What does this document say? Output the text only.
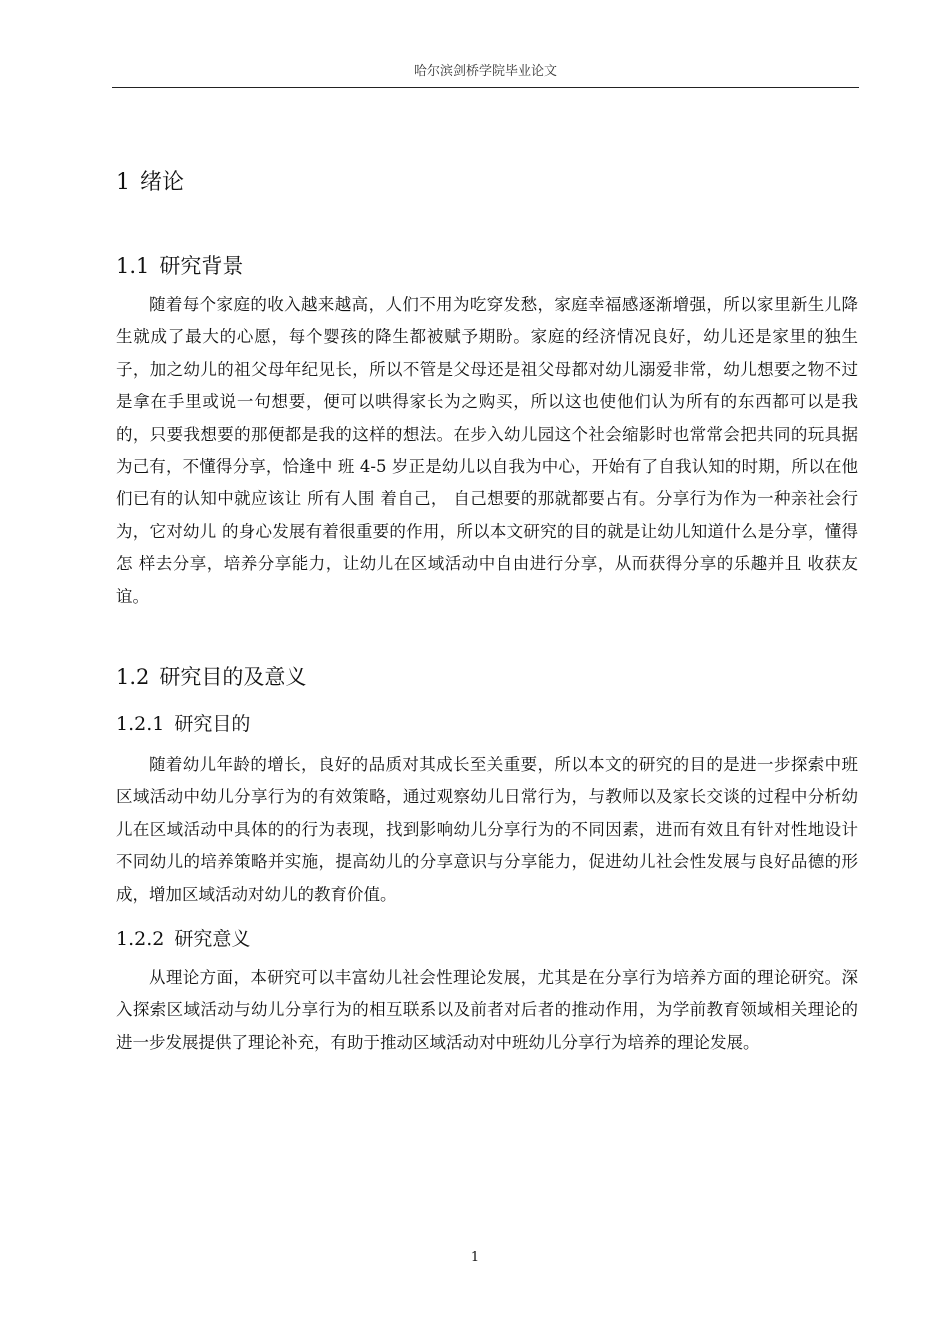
哈尔滨剑桥学院毕业论文
1 绪论
1.1 研究背景

随着每个家庭的收入越来越高，人们不用为吃穿发愁，家庭幸福感逐渐增强，所以家里新生儿降生就成了最大的心愿，每个婴孩的降生都被赋予期盼。家庭的经济情况良好，幼儿还是家里的独生子，加之幼儿的祖父母年纪见长，所以不管是父母还是祖父母都对幼儿溺爱非常，幼儿想要之物不过是拿在手里或说一句想要，便可以哄得家长为之购买，所以这也使他们认为所有的东西都可以是我的，只要我想要的那便都是我的这样的想法。在步入幼儿园这个社会缩影时也常常会把共同的玩具据为己有，不懂得分享，恰逢中 班 4-5 岁正是幼儿以自我为中心，开始有了自我认知的时期，所以在他们已有的认知中就应该让 所有人围 着自己， 自己想要的那就都要占有。分享行为作为一种亲社会行为，它对幼儿 的身心发展有着很重要的作用，所以本文研究的目的就是让幼儿知道什么是分享，懂得怎 样去分享，培养分享能力，让幼儿在区域活动中自由进行分享，从而获得分享的乐趣并且 收获友谊。

1.2 研究目的及意义
1.2.1 研究目的

随着幼儿年龄的增长，良好的品质对其成长至关重要，所以本文的研究的目的是进一步探索中班区域活动中幼儿分享行为的有效策略，通过观察幼儿日常行为，与教师以及家长交谈的过程中分析幼儿在区域活动中具体的的行为表现，找到影响幼儿分享行为的不同因素，进而有效且有针对性地设计不同幼儿的培养策略并实施，提高幼儿的分享意识与分享能力，促进幼儿社会性发展与良好品德的形成，增加区域活动对幼儿的教育价值。

1.2.2 研究意义

从理论方面，本研究可以丰富幼儿社会性理论发展，尤其是在分享行为培养方面的理论研究。深入探索区域活动与幼儿分享行为的相互联系以及前者对后者的推动作用，为学前教育领域相关理论的进一步发展提供了理论补充，有助于推动区域活动对中班幼儿分享行为培养的理论发展。

1
